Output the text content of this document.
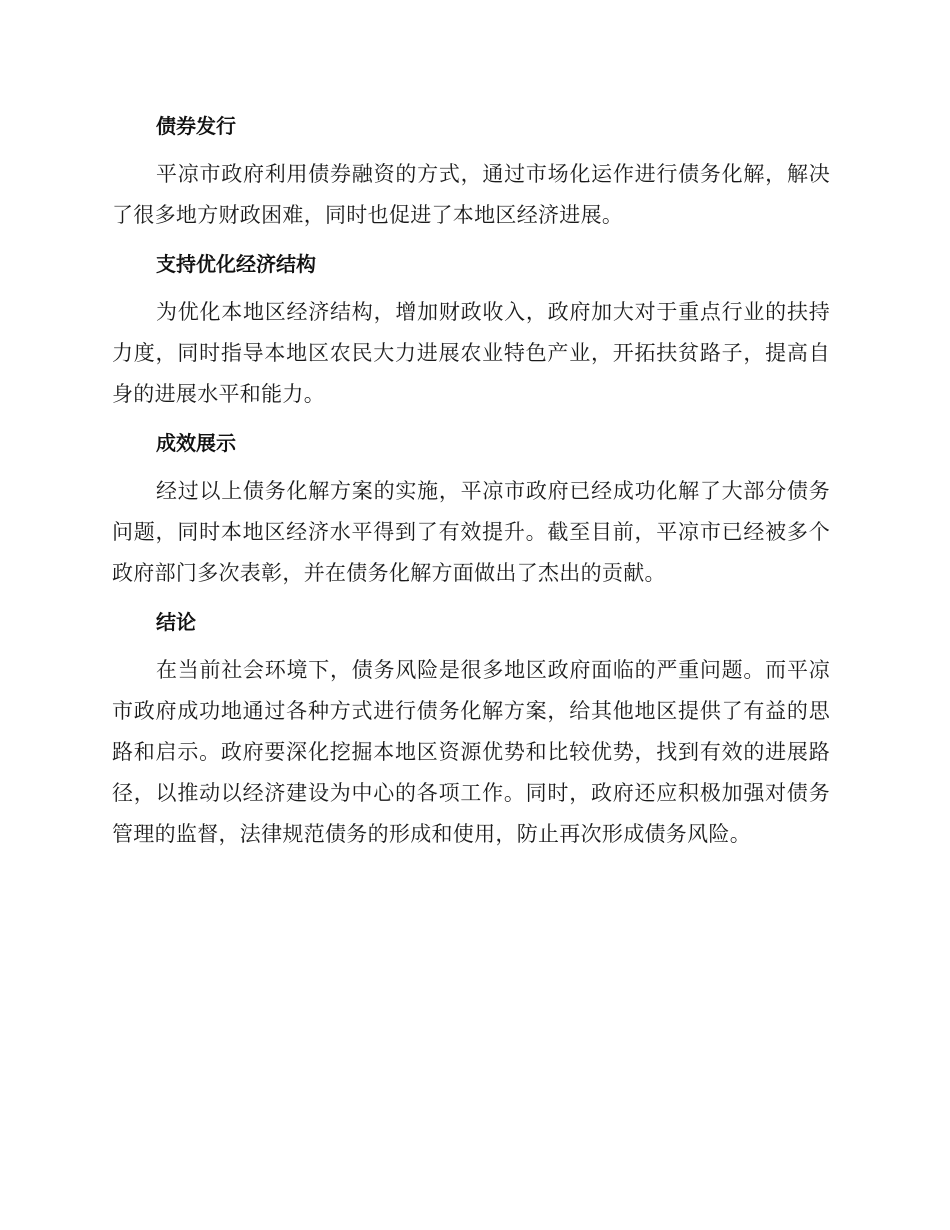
债券发行

平凉市政府利用债券融资的方式，通过市场化运作进行债务化解，解决了很多地方财政困难，同时也促进了本地区经济进展。

支持优化经济结构

为优化本地区经济结构，增加财政收入，政府加大对于重点行业的扶持力度，同时指导本地区农民大力进展农业特色产业，开拓扶贫路子，提高自身的进展水平和能力。

成效展示

经过以上债务化解方案的实施，平凉市政府已经成功化解了大部分债务问题，同时本地区经济水平得到了有效提升。截至目前，平凉市已经被多个政府部门多次表彰，并在债务化解方面做出了杰出的贡献。

结论

在当前社会环境下，债务风险是很多地区政府面临的严重问题。而平凉市政府成功地通过各种方式进行债务化解方案，给其他地区提供了有益的思路和启示。政府要深化挖掘本地区资源优势和比较优势，找到有效的进展路径，以推动以经济建设为中心的各项工作。同时，政府还应积极加强对债务管理的监督，法律规范债务的形成和使用，防止再次形成债务风险。
